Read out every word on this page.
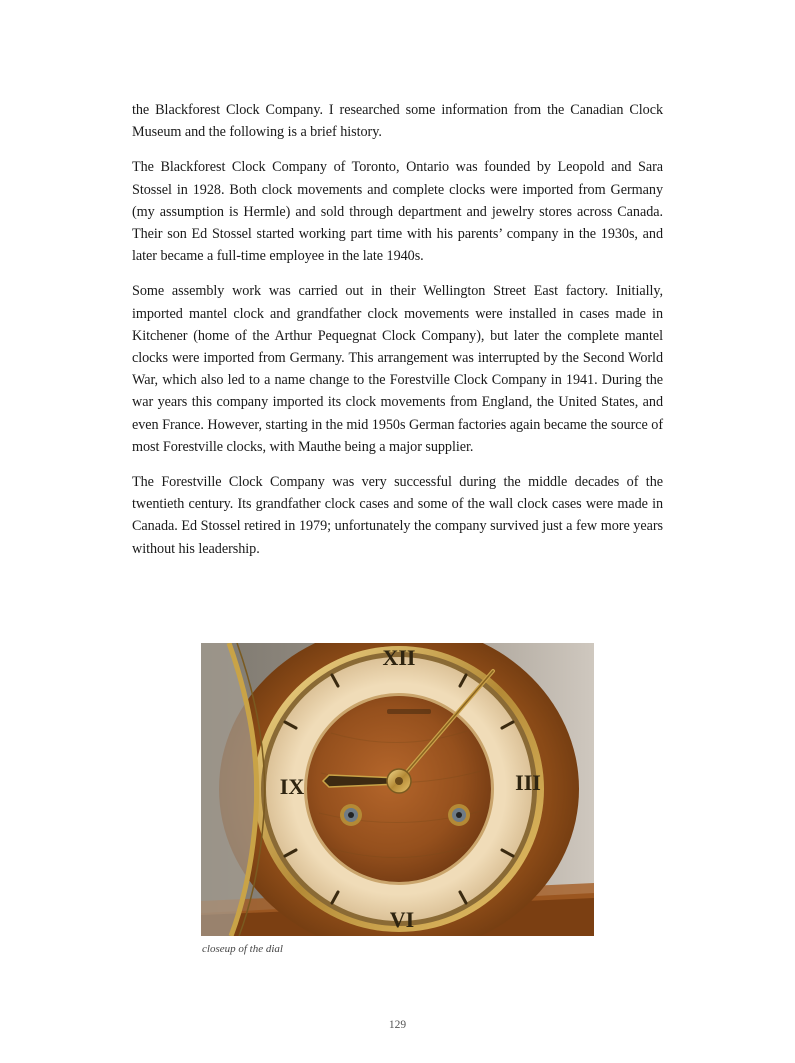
the Blackforest Clock Company. I researched some information from the Canadian Clock Museum and the following is a brief history.

The Blackforest Clock Company of Toronto, Ontario was founded by Leopold and Sara Stossel in 1928. Both clock movements and complete clocks were imported from Germany (my assumption is Hermle) and sold through department and jewelry stores across Canada. Their son Ed Stossel started working part time with his parents’ company in the 1930s, and later became a full-time employee in the late 1940s.

Some assembly work was carried out in their Wellington Street East factory. Initially, imported mantel clock and grandfather clock movements were installed in cases made in Kitchener (home of the Arthur Pequegnat Clock Company), but later the complete mantel clocks were imported from Germany. This arrangement was interrupted by the Second World War, which also led to a name change to the Forestville Clock Company in 1941. During the war years this company imported its clock movements from England, the United States, and even France. However, starting in the mid 1950s German factories again became the source of most Forestville clocks, with Mauthe being a major supplier.

The Forestville Clock Company was very successful during the middle decades of the twentieth century. Its grandfather clock cases and some of the wall clock cases were made in Canada. Ed Stossel retired in 1979; unfortunately the company survived just a few more years without his leadership.

XII
IX	III
VI
closeup of the dial
129
